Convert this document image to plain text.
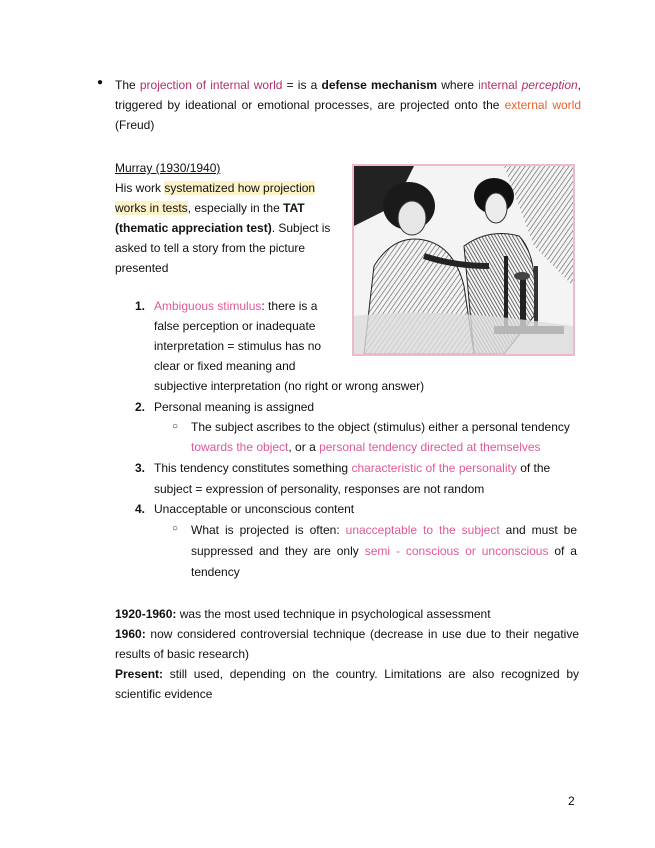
● The projection of internal world = is a defense mechanism where internal perception, triggered by ideational or emotional processes, are projected onto the external world (Freud)
Murray (1930/1940)
His work systematized how projection
works in tests, especially in the TAT
(thematic appreciation test). Subject is
asked to tell a story from the picture
presented
1. Ambiguous stimulus: there is a
false perception or inadequate
interpretation = stimulus has no
clear or fixed meaning and
subjective interpretation (no right or wrong answer)
2. Personal meaning is assigned
○ The subject ascribes to the object (stimulus) either a personal tendency
towards the object, or a personal tendency directed at themselves
3. This tendency constitutes something characteristic of the personality of the
subject = expression of personality, responses are not random
4. Unacceptable or unconscious content
○ What is projected is often: unacceptable to the subject and must be suppressed and they are only semi - conscious or unconscious of a tendency
1920-1960: was the most used technique in psychological assessment
1960: now considered controversial technique (decrease in use due to their negative results of basic research)
Present: still used, depending on the country. Limitations are also recognized by scientific evidence
2
